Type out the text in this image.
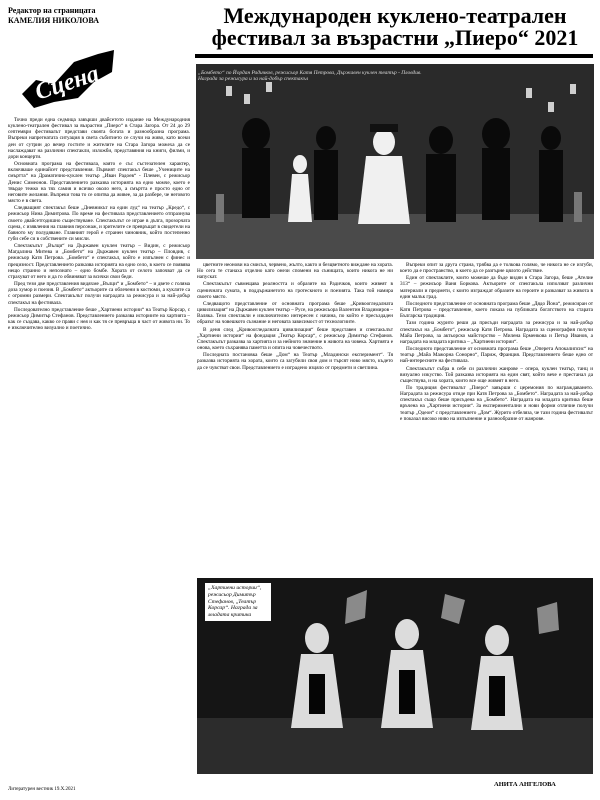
Редактор на страницата
КАМЕЛИЯ НИКОЛОВА
Сцена
Международен куклено-театрален
фестивал за възрастни „Пиеро“ 2021
„Бомбето“ по Йордан Радичков, режисьор Катя Петрова, Държавен куклен театър - Пловдив. Награда за режисура и за най-добър спектакъл

Точно преди една седмица завърши двайсетото издание на Международния куклено-театрален фестивал за възрастни „Пиеро“ в Стара Загора. От 24 до 29 септември фестивалът представи своята богата и разнообразна програма. Въпреки напрегнатата ситуация в света събитието се случи на живо, като всеки ден от сутрин до вечер гостите и жителите на Стара Загора можеха да се наслаждават на различни спектакли, изложби, представяния на книги, филми, и дори концерти.

Основната програма на фестивала, която е със състезателен характер, включваше единайсет представления. Първият спектакъл беше „Учениците на смъртта“ на Драматично-куклен театър „Иван Радоев“ - Плевен, с режисьор Денис Симеонов. Представлението разказва историята на едно момче, което е твърде тежко на тях самия и всичко около него, а смъртта е просто едно от неговите желания. Въпреки това то се опитва да живее, за да разбере, че неговото място е в света.

Следващият спектакъл беше „Дневникът на един луд“ на театър „Кредо“, с режисьор Нина Димитрова. По време на фестивала представлението отпразнува своето двайсетгодишно съществуване. Спектакълът се играе в дълга, прозорчата сцена, с изявления на главния персонаж, и зрителите се превръщат в свидетели на бавното му полудяване. Главният герой е странен чиновник, който постепенно губи себе си в собствените си мисли.

Спектакълът „Вълци“ на Държавен куклен театър – Видин, с режисьор Магдалина Митева и „Бомбето“ на Държавен куклен театър – Пловдив, с режисьор Катя Петрова. „Бомбето“ е спектакъл, който е изпълнен с финес и прецизност. Представлението разказва историята на едно село, в което се появява нещо странно и непознато – едно бомбе. Хората от селото започват да се страхуват от него и да го обвиняват за всички свои беди.

Пред тези две представления видяхме „Вълци“ и „Бомбето“ – и двете с голяма доза хумор и поезия. В „Бомбето“ актьорите са облечени в костюми, а куклите са с огромни размери. Спектакълът получи наградата за режисура и за най-добър спектакъл на фестивала.

Последователно представление беше „Хартиени истории“ на Театър Корсар, с режисьор Димитър Стефанов. Представлението разказва историите на хартията – как се създава, какво се прави с нея и как тя се превръща в част от живота ни. То е изключително визуално и поетично.

цветните неонови на смисъл, червено, жълто, както и безцветното виждане на хората. Но сега те станаха отделно като онези спомени на сънищата, които никога не ни напускат.

Спектакълът съвмещава реалността и образите на Радичков, които живеят в сценичната сумата, в поддържанетото на гротескното и поезията. Така той намира своето място.

Следващото представление от основната програма беше „Кривоогледалната цивилизация“ на Държавен куклен театър – Русе, на режисьора Валентин Владимиров – Валяка. Тези спектакли е изключително интересен с начина, по който е пресъздаден образът на човешкото съзнание и неговата зависимост от технологиите.

В деня след „Кривоогледалната цивилизация“ беше представен и спектакълът „Хартиени истории“ на фондация „Театър Корсар“, с режисьор Димитър Стефанов. Спектакълът разказва за хартията и за нейното значение в живота на човека. Хартията е онова, което съхранява паметта и опита на човечеството.

Последната постановка беше „Дом“ на Театър „Младински експеримент“. Тя разказва историята на хората, които са загубили своя дом и търсят ново място, където да се чувстват свои. Представлението е изградено изцяло от предмети и светлина.

Въпреки опит за друга страна, трябва да е толкова голямо, че никога не се изгуби, което да е пространство, в което да се разгърне цялото действие.

Един от спектаклите, които можеше да бъде видян в Стара Загора, беше „Ателие 313“ – режисьор Ваня Боркова. Актьорите от спектакъла използват различни материали и предмети, с които изграждат образите на героите и разказват за живота в един малък град.

Последното представление от основната програма беше „Дядо Йона“, режисиран от Катя Петрова – представление, което показа на публиката богатството на старата Българска традиция.

Тази година журито реши да присъди наградата за режисура и за най-добър спектакъл на „Бомбето“, режисьор Катя Петрова. Наградата за сценография получи Майа Петрова, за актьорско майсторство – Милена Ерменкова и Петър Иванов, а наградата на младата критика – „Хартиени истории“.

Последното представление от основната програма беше „Оперета Апокалипсис“ на театър „Майа Мажорна Сонорно“, Париж, Франция. Представлението беше едно от най-интересните на фестивала.

Спектакълът събра в себе си различни жанрове – опера, куклен театър, танц и визуално изкуство. Той разказва историята на един свят, който вече е престанал да съществува, и на хората, които все още живеят в него.

По традиция фестивалът „Пиеро“ завърши с церемония по награждаването. Наградата за режисура отиде при Катя Петрова за „Бомбето“. Наградата за най-добър спектакъл също беше присъдена на „Бомбето“. Наградата на младата критика беше връчена на „Хартиени истории“. За експериментални и нови форми отличие получи театър „Одеон“ с представлението „Дом“. Журито отбеляза, че тази година фестивалът е показал високо ниво на изпълнение и разнообразие от жанрове.

„Хартиени истории“, режисьор Димитър Стефанов, „Театър Корсар“. Награда за младата критика
Литературен вестник 19.X.2021
АНИТА АНГЕЛОВА
